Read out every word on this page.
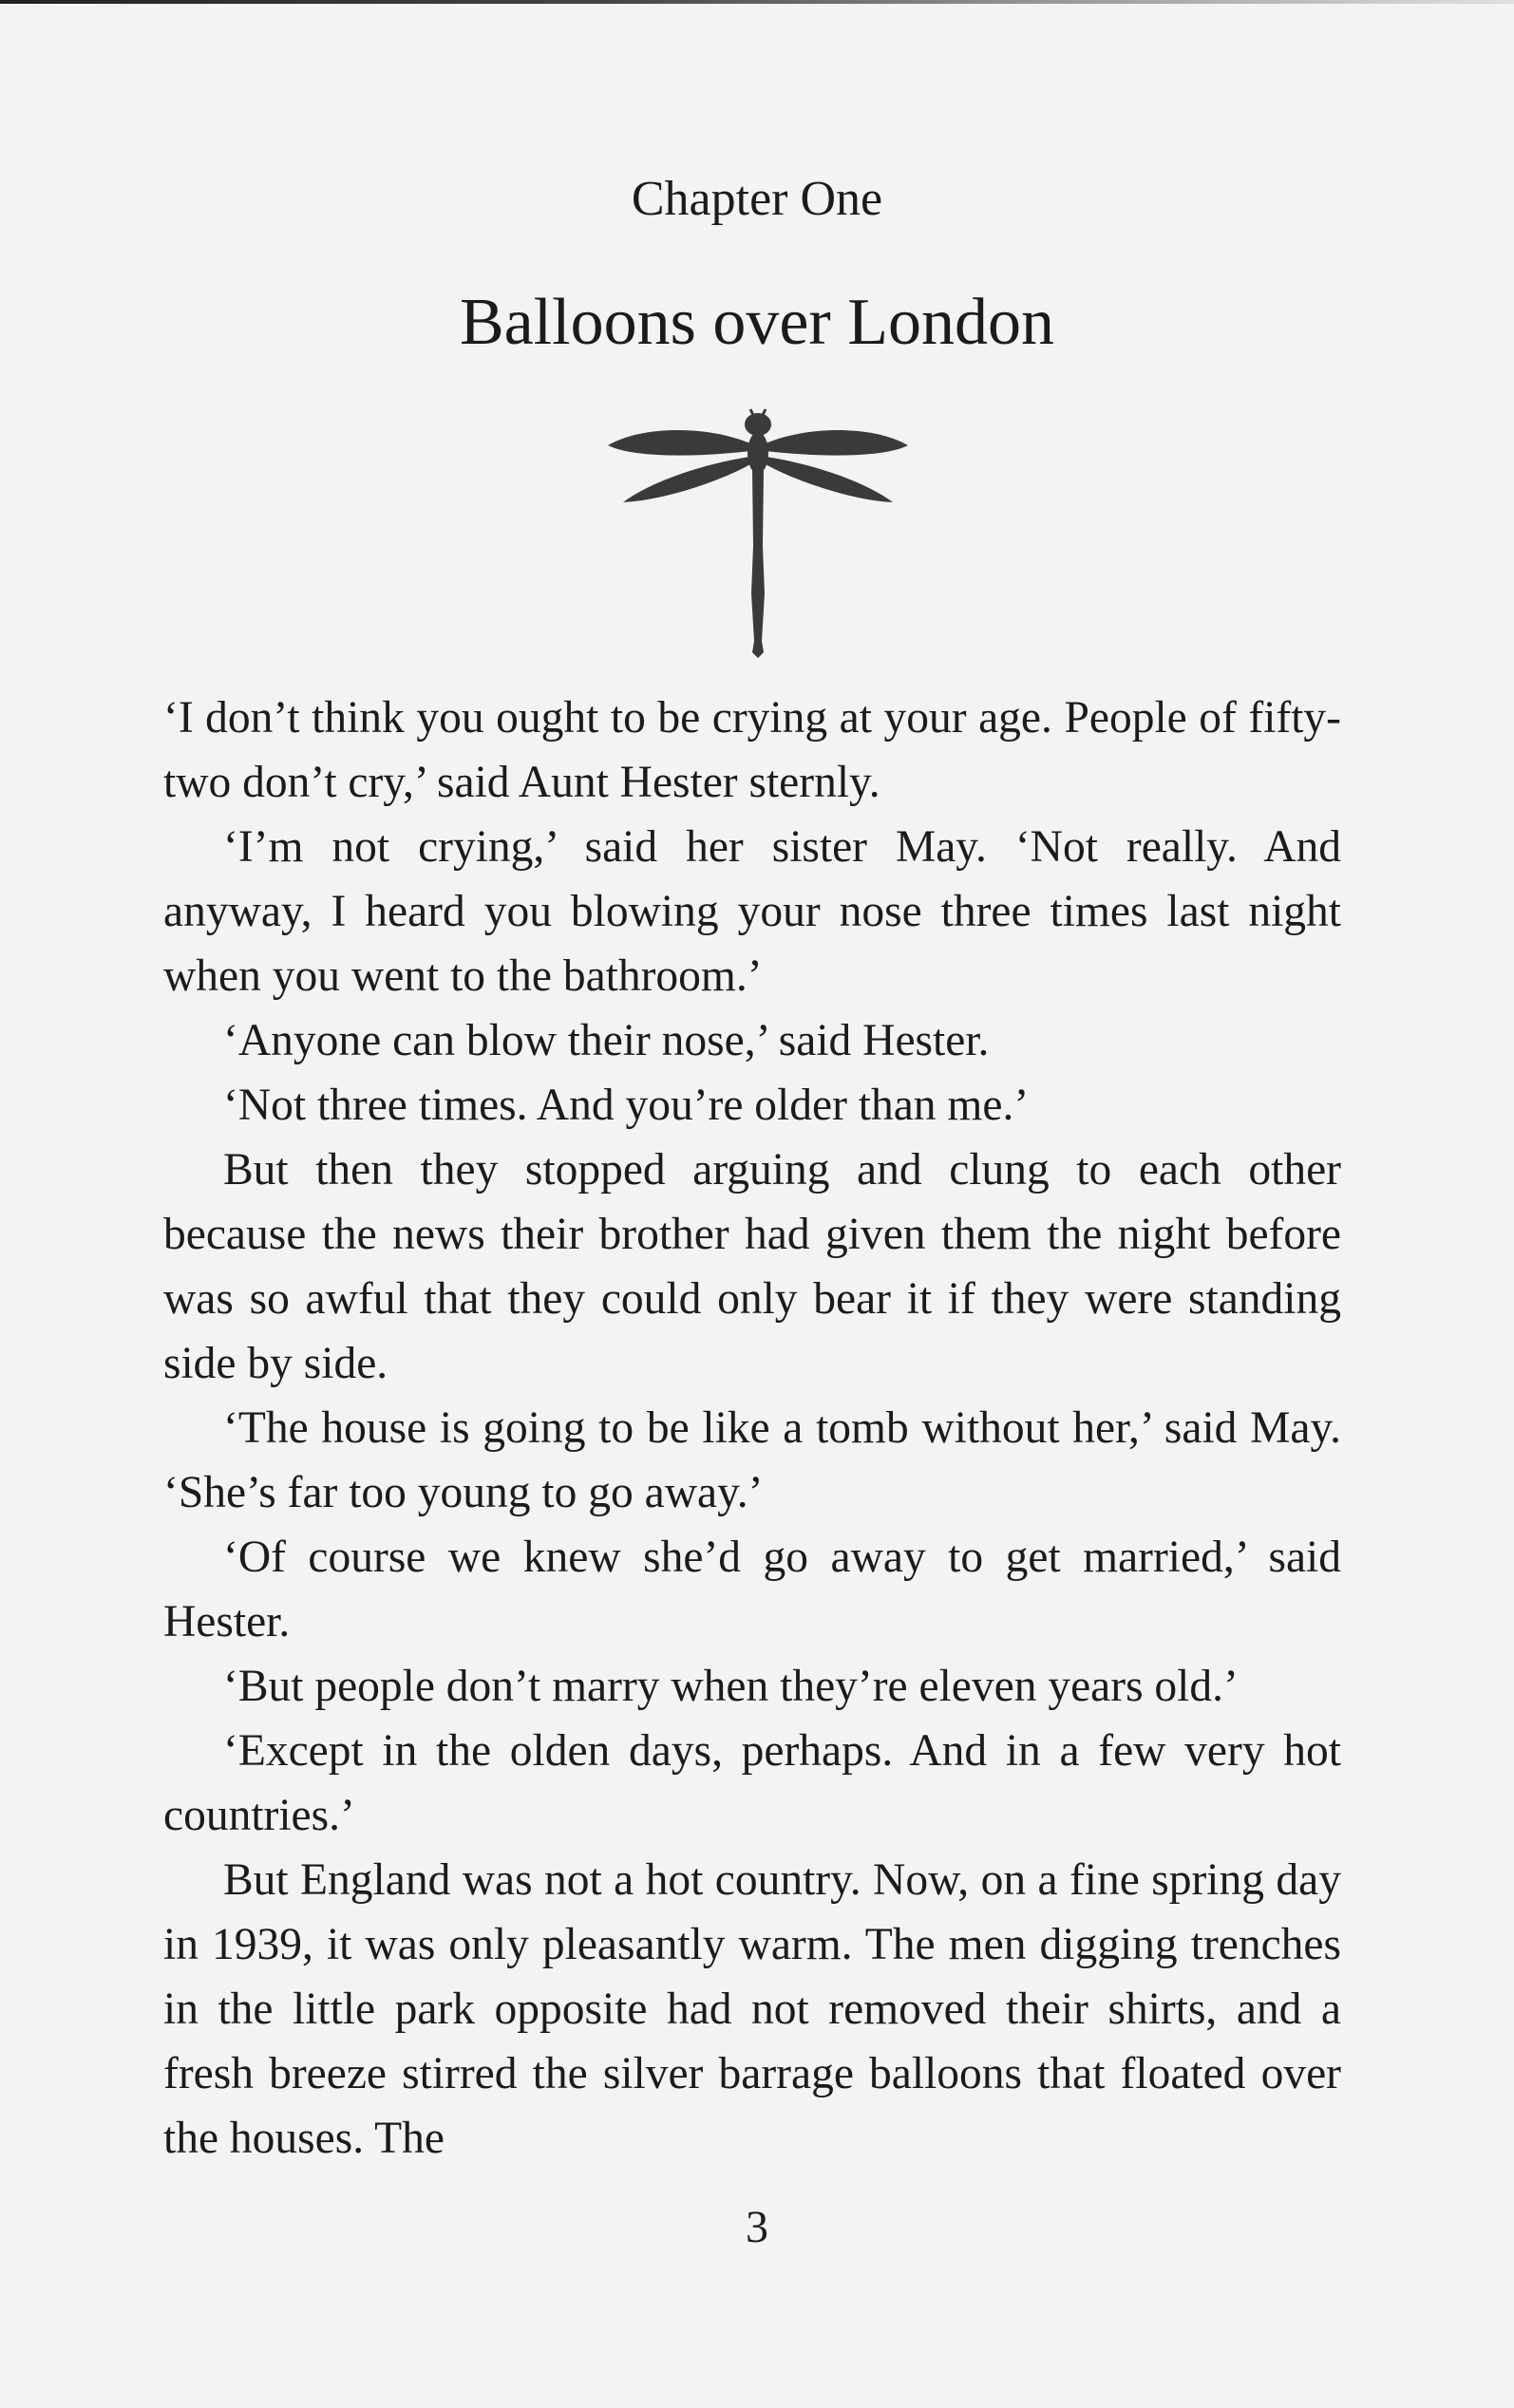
Chapter One
Balloons over London

‘I don’t think you ought to be crying at your age. People of fifty-two don’t cry,’ said Aunt Hester sternly.

‘I’m not crying,’ said her sister May. ‘Not really. And anyway, I heard you blowing your nose three times last night when you went to the bathroom.’

‘Anyone can blow their nose,’ said Hester.

‘Not three times. And you’re older than me.’

But then they stopped arguing and clung to each other because the news their brother had given them the night before was so awful that they could only bear it if they were standing side by side.

‘The house is going to be like a tomb without her,’ said May. ‘She’s far too young to go away.’

‘Of course we knew she’d go away to get married,’ said Hester.

‘But people don’t marry when they’re eleven years old.’

‘Except in the olden days, perhaps. And in a few very hot countries.’

But England was not a hot country. Now, on a fine spring day in 1939, it was only pleasantly warm. The men digging trenches in the little park opposite had not removed their shirts, and a fresh breeze stirred the silver barrage balloons that floated over the houses. The

3
